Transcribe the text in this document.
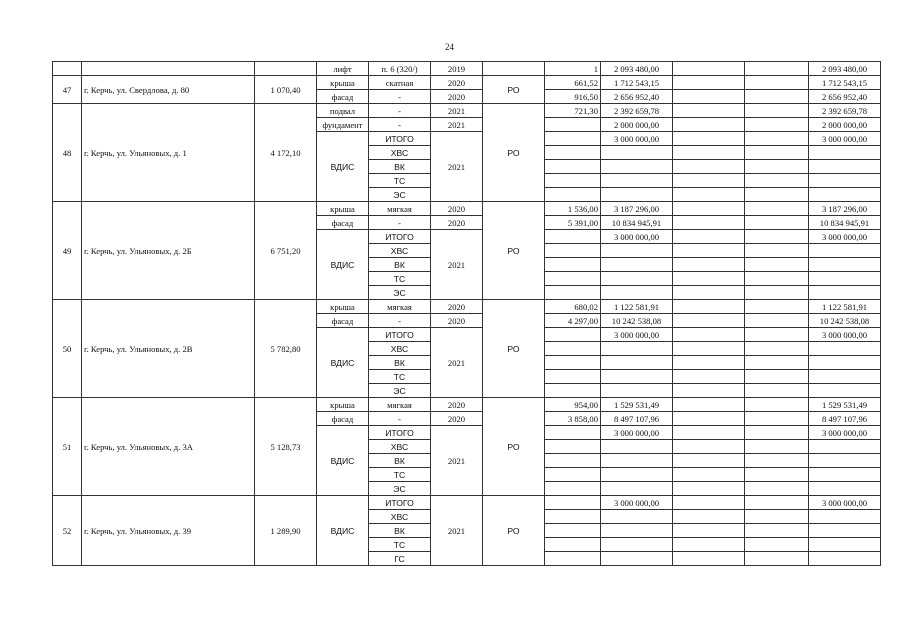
24
			лифт	п. 6 (320/)	2019		1	2 093 480,00			2 093 480,00
47	г. Керчь, ул. Свердлова, д. 80	1 070,40	крыша	скатная	2020	РО	661,52	1 712 543,15			1 712 543,15
			фасад	-	2020		916,50	2 656 952,40			2 656 952,40
48	г. Керчь, ул. Ульяновых, д. 1	4 172,10	подвал	-	2021	РО	721,30	2 392 659,78			2 392 659,78
			фундамент	-	2021			2 000 000,00			2 000 000,00
			ВДИС	ИТОГО	2021			3 000 000,00			3 000 000,00
				ХВС							
				ВК							
				ТС							
				ЭС							
49	г. Керчь, ул. Ульяновых, д. 2Б	6 751,20	крыша	мягкая	2020	РО	1 536,00	3 187 296,00			3 187 296,00
			фасад	-	2020		5 391,00	10 834 945,91			10 834 945,91
			ВДИС	ИТОГО	2021			3 000 000,00			3 000 000,00
				ХВС							
				ВК							
				ТС							
				ЭС							
50	г. Керчь, ул. Ульяновых, д. 2В	5 782,80	крыша	мягкая	2020	РО	680,02	1 122 581,91			1 122 581,91
			фасад	-	2020		4 297,00	10 242 538,08			10 242 538,08
			ВДИС	ИТОГО	2021			3 000 000,00			3 000 000,00
				ХВС							
				ВК							
				ТС							
				ЭС							
51	г. Керчь, ул. Ульяновых, д. 3А	5 128,73	крыша	мягкая	2020	РО	954,00	1 529 531,49			1 529 531,49
			фасад	-	2020		3 858,00	8 497 107,96			8 497 107,96
			ВДИС	ИТОГО	2021			3 000 000,00			3 000 000,00
				ХВС							
				ВК							
				ТС							
				ЭС							
52	г. Керчь, ул. Ульяновых, д. 39	1 289,90	ВДИС	ИТОГО	2021	РО		3 000 000,00			3 000 000,00
				ХВС							
				ВК							
				ТС							
				ГС							
